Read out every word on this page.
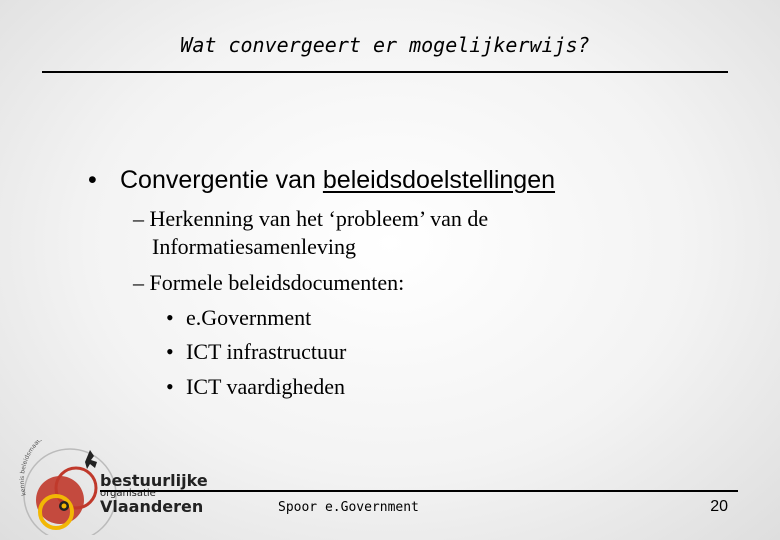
Wat convergeert er mogelijkerwijs?
• Convergentie van beleidsdoelstellingen
– Herkenning van het ‘probleem’ van de
Informatiesamenleving
– Formele beleidsdocumenten:
• e.Government
• ICT infrastructuur
• ICT vaardigheden
kennis beleidsmaat
bestuurlijke
organisatie
Vlaanderen	Spoor e.Government	20
